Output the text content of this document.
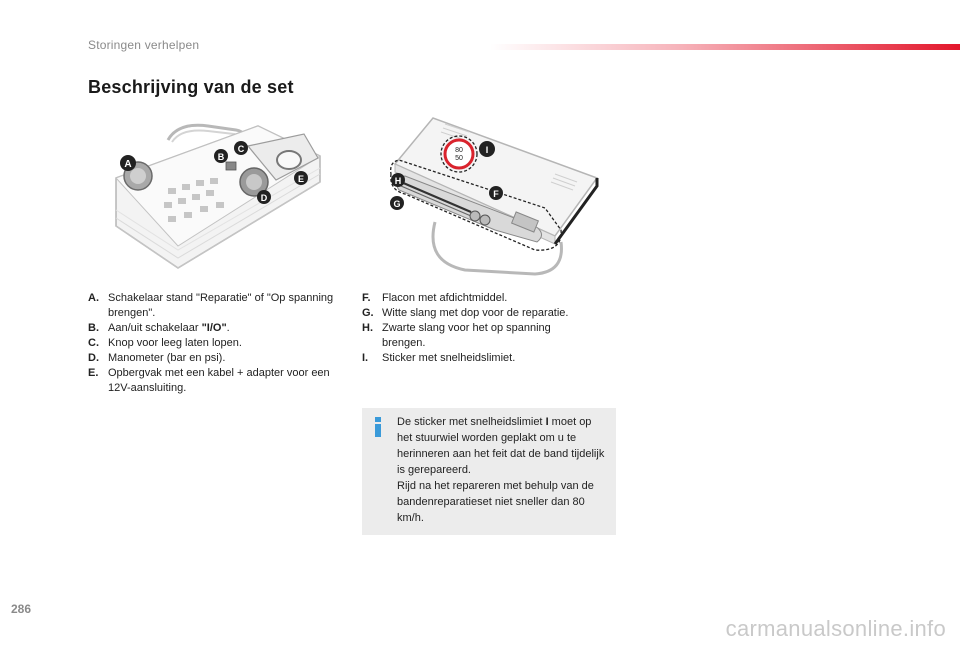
Storingen verhelpen
Beschrijving van de set
A
B
C
D
E
80
50
I
H
F
G
A. Schakelaar stand "Reparatie" of "Op spanning brengen".
B. Aan/uit schakelaar "I/O".
C. Knop voor leeg laten lopen.
D. Manometer (bar en psi).
E. Opbergvak met een kabel + adapter voor een 12V-aansluiting.
F.	Flacon met afdichtmiddel.
G. Witte slang met dop voor de reparatie.
H. Zwarte slang voor het op spanning brengen.
I.	Sticker met snelheidslimiet.
De sticker met snelheidslimiet I moet op het stuurwiel worden geplakt om u te herinneren aan het feit dat de band tijdelijk is gerepareerd.
Rijd na het repareren met behulp van de bandenreparatieset niet sneller dan 80 km/h.
286
carmanualsonline.info
